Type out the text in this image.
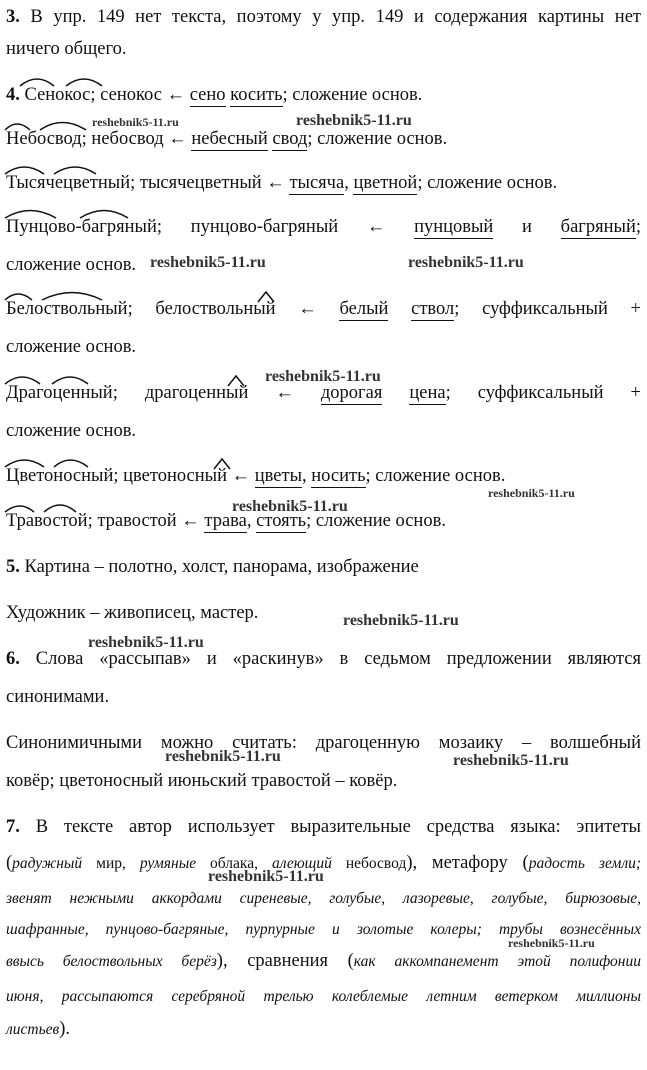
3. В упр. 149 нет текста, поэтому у упр. 149 и содержания картины нет
ничего общего.
4. Сенокос; сенокос ← сено косить; сложение основ.
Небосвод; небосвод ← небесный свод; сложение основ.
Тысячецветный; тысячецветный ← тысяча, цветной; сложение основ.
Пунцово-багряный; пунцово-багряный ← пунцовый и багряный;
сложение основ.
Белоствольный; белоствольный ← белый ствол; суффиксальный +
сложение основ.
Драгоценный; драгоценный ← дорогая цена; суффиксальный +
сложение основ.
Цветоносный; цветоносный ← цветы, носить; сложение основ.
Травостой; травостой ← трава, стоять; сложение основ.
5. Картина – полотно, холст, панорама, изображение
Художник – живописец, мастер.
6. Слова «рассыпав» и «раскинув» в седьмом предложении являются
синонимами.
Синонимичными можно считать: драгоценную мозаику – волшебный
ковёр; цветоносный июньский травостой – ковёр.
7. В тексте автор использует выразительные средства языка: эпитеты
(радужный мир, румяные облака, алеющий небосвод), метафору (радость земли;
звенят нежными аккордами сиреневые, голубые, лазоревые, голубые, бирюзовые,
шафранные, пунцово-багряные, пурпурные и золотые колеры; трубы вознесённых
ввысь белоствольных берёз), сравнения (как аккомпанемент этой полифонии
июня, рассыпаются серебряной трелью колеблемые летним ветерком миллионы
листьев).
reshebnik5-11.ru	reshebnik5-11.ru
reshebnik5-11.ru	reshebnik5-11.ru
reshebnik5-11.ru
reshebnik5-11.ru
reshebnik5-11.ru
reshebnik5-11.ru
reshebnik5-11.ru
reshebnik5-11.ru	reshebnik5-11.ru
reshebnik5-11.ru
reshebnik5-11.ru
